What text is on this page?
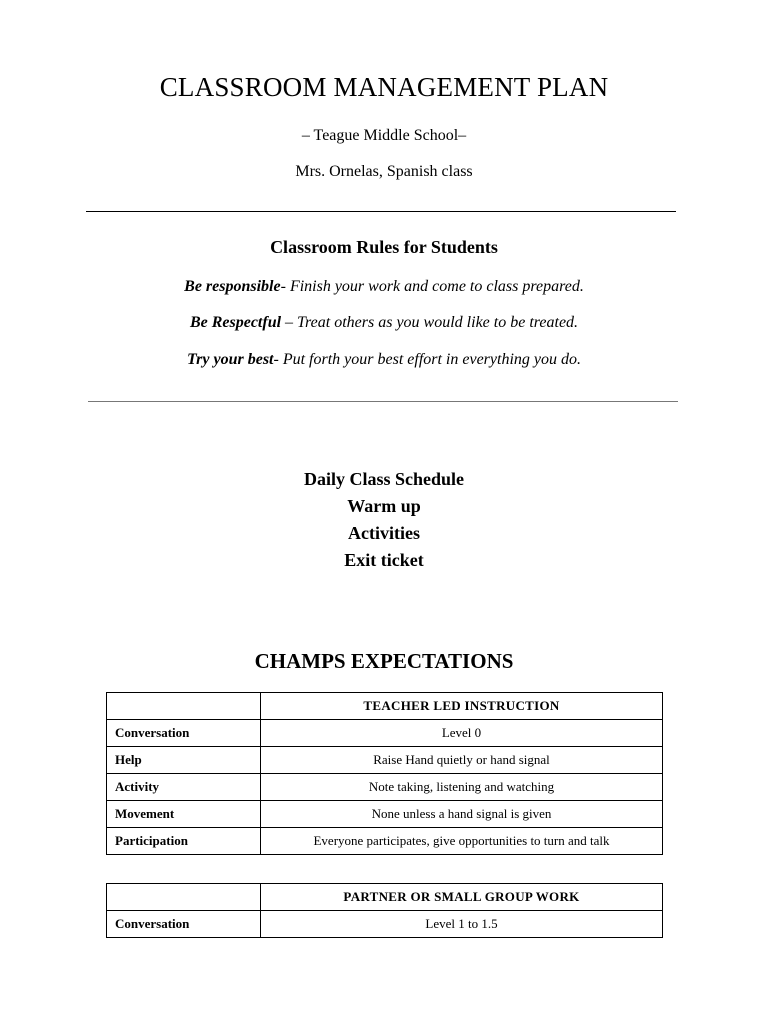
CLASSROOM MANAGEMENT PLAN
– Teague Middle School–
Mrs. Ornelas, Spanish class
Classroom Rules for Students
Be responsible- Finish your work and come to class prepared.
Be Respectful – Treat others as you would like to be treated.
Try your best- Put forth your best effort in everything you do.
Daily Class Schedule
Warm up
Activities
Exit ticket
CHAMPS EXPECTATIONS
	TEACHER LED INSTRUCTION
Conversation	Level 0
Help	Raise Hand quietly or hand signal
Activity	Note taking, listening and watching
Movement	None unless a hand signal is given
Participation	Everyone participates, give opportunities to turn and talk
	PARTNER OR SMALL GROUP WORK
Conversation	Level 1 to 1.5
